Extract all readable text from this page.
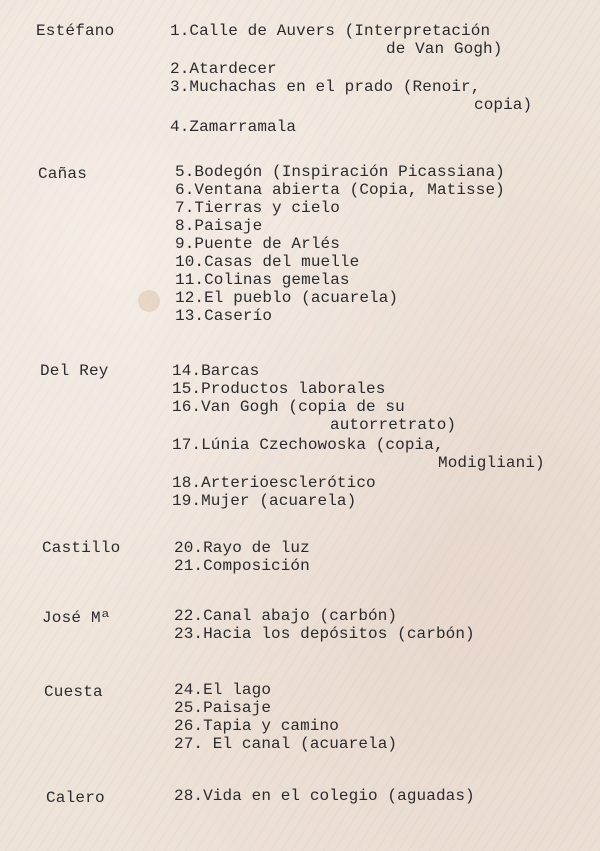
Estéfano	1.Calle de Auvers (Interpretación
de Van Gogh)
2.Atardecer
3.Muchachas en el prado (Renoir,
copia)
4.Zamarramala
Cañas	5.Bodegón (Inspiración Picassiana)
6.Ventana abierta (Copia, Matisse)
7.Tierras y cielo
8.Paisaje
9.Puente de Arlés
10.Casas del muelle
11.Colinas gemelas
12.El pueblo (acuarela)
13.Caserío
Del Rey	14.Barcas
15.Productos laborales
16.Van Gogh (copia de su
autorretrato)
17.Lúnia Czechowoska (copia,
Modigliani)
18.Arterioesclerótico
19.Mujer (acuarela)
Castillo	20.Rayo de luz
21.Composición
José Mª	22.Canal abajo (carbón)
23.Hacia los depósitos (carbón)
Cuesta	24.El lago
25.Paisaje
26.Tapia y camino
27. El canal (acuarela)
Calero	28.Vida en el colegio (aguadas)
